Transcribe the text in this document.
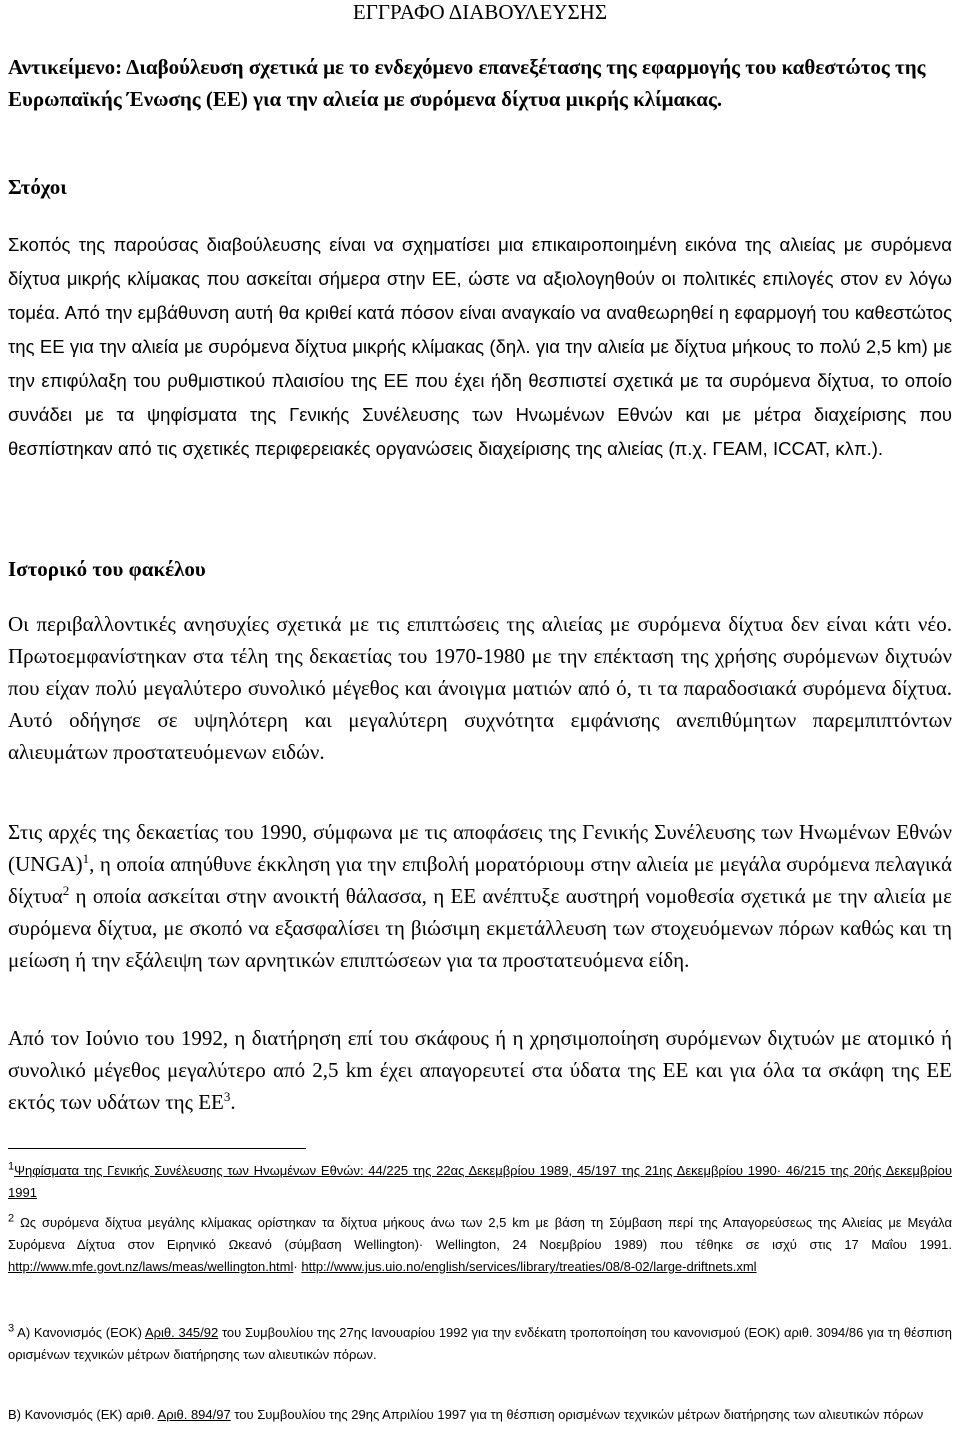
ΕΓΓΡΑΦΟ ΔΙΑΒΟΥΛΕΥΣΗΣ
Αντικείμενο: Διαβούλευση σχετικά με το ενδεχόμενο επανεξέτασης της εφαρμογής του καθεστώτος της Ευρωπαϊκής Ένωσης (ΕΕ) για την αλιεία με συρόμενα δίχτυα μικρής κλίμακας.
Στόχοι
Σκοπός της παρούσας διαβούλευσης είναι να σχηματίσει μια επικαιροποιημένη εικόνα της αλιείας με συρόμενα δίχτυα μικρής κλίμακας που ασκείται σήμερα στην ΕΕ, ώστε να αξιολογηθούν οι πολιτικές επιλογές στον εν λόγω τομέα. Από την εμβάθυνση αυτή θα κριθεί κατά πόσον είναι αναγκαίο να αναθεωρηθεί η εφαρμογή του καθεστώτος της ΕΕ για την αλιεία με συρόμενα δίχτυα μικρής κλίμακας (δηλ. για την αλιεία με δίχτυα μήκους το πολύ 2,5 km) με την επιφύλαξη του ρυθμιστικού πλαισίου της ΕΕ που έχει ήδη θεσπιστεί σχετικά με τα συρόμενα δίχτυα, το οποίο συνάδει με τα ψηφίσματα της Γενικής Συνέλευσης των Ηνωμένων Εθνών και με μέτρα διαχείρισης που θεσπίστηκαν από τις σχετικές περιφερειακές οργανώσεις διαχείρισης της αλιείας (π.χ. ΓΕΑΜ, ICCAT, κλπ.).
Ιστορικό του φακέλου
Οι περιβαλλοντικές ανησυχίες σχετικά με τις επιπτώσεις της αλιείας με συρόμενα δίχτυα δεν είναι κάτι νέο. Πρωτοεμφανίστηκαν στα τέλη της δεκαετίας του 1970-1980 με την επέκταση της χρήσης συρόμενων διχτυών που είχαν πολύ μεγαλύτερο συνολικό μέγεθος και άνοιγμα ματιών από ό, τι τα παραδοσιακά συρόμενα δίχτυα. Αυτό οδήγησε σε υψηλότερη και μεγαλύτερη συχνότητα εμφάνισης ανεπιθύμητων παρεμπιπτόντων αλιευμάτων προστατευόμενων ειδών.
Στις αρχές της δεκαετίας του 1990, σύμφωνα με τις αποφάσεις της Γενικής Συνέλευσης των Ηνωμένων Εθνών (UNGA)$^1$, η οποία απηύθυνε έκκληση για την επιβολή μορατόριουμ στην αλιεία με μεγάλα συρόμενα πελαγικά δίχτυα$^2$ η οποία ασκείται στην ανοικτή θάλασσα, η ΕΕ ανέπτυξε αυστηρή νομοθεσία σχετικά με την αλιεία με συρόμενα δίχτυα, με σκοπό να εξασφαλίσει τη βιώσιμη εκμετάλλευση των στοχευόμενων πόρων καθώς και τη μείωση ή την εξάλειψη των αρνητικών επιπτώσεων για τα προστατευόμενα είδη.
Από τον Ιούνιο του 1992, η διατήρηση επί του σκάφους ή η χρησιμοποίηση συρόμενων διχτυών με ατομικό ή συνολικό μέγεθος μεγαλύτερο από 2,5 km έχει απαγορευτεί στα ύδατα της ΕΕ και για όλα τα σκάφη της ΕΕ εκτός των υδάτων της $EE^3$.
$^1$Ψηφίσματα της Γενικής Συνέλευσης των Ηνωμένων Εθνών: 44/225 της 22ας Δεκεμβρίου 1989, 45/197 της 21ης Δεκεμβρίου 1990· 46/215 της 20ής Δεκεμβρίου 1991
$^2$ Ως συρόμενα δίχτυα μεγάλης κλίμακας ορίστηκαν τα δίχτυα μήκους άνω των 2,5 km με βάση τη Σύμβαση περί της Απαγορεύσεως της Αλιείας με Μεγάλα Συρόμενα Δίχτυα στον Ειρηνικό Ωκεανό (σύμβαση Wellington)· Wellington, 24 Νοεμβρίου 1989) που τέθηκε σε ισχύ στις 17 Μαΐου 1991. http://www.mfe.govt.nz/laws/meas/wellington.html· http://www.jus.uio.no/english/services/library/treaties/08/8-02/large-driftnets.xml
$^3$ Α) Κανονισμός (ΕΟΚ) Αριθ. 345/92 του Συμβουλίου της 27ης Ιανουαρίου 1992 για την ενδέκατη τροποποίηση του κανονισμού (ΕΟΚ) αριθ. 3094/86 για τη θέσπιση ορισμένων τεχνικών μέτρων διατήρησης των αλιευτικών πόρων.
Β) Κανονισμός (ΕΚ) αριθ. Αριθ. 894/97 του Συμβουλίου της 29ης Απριλίου 1997 για τη θέσπιση ορισμένων τεχνικών μέτρων διατήρησης των αλιευτικών πόρων
